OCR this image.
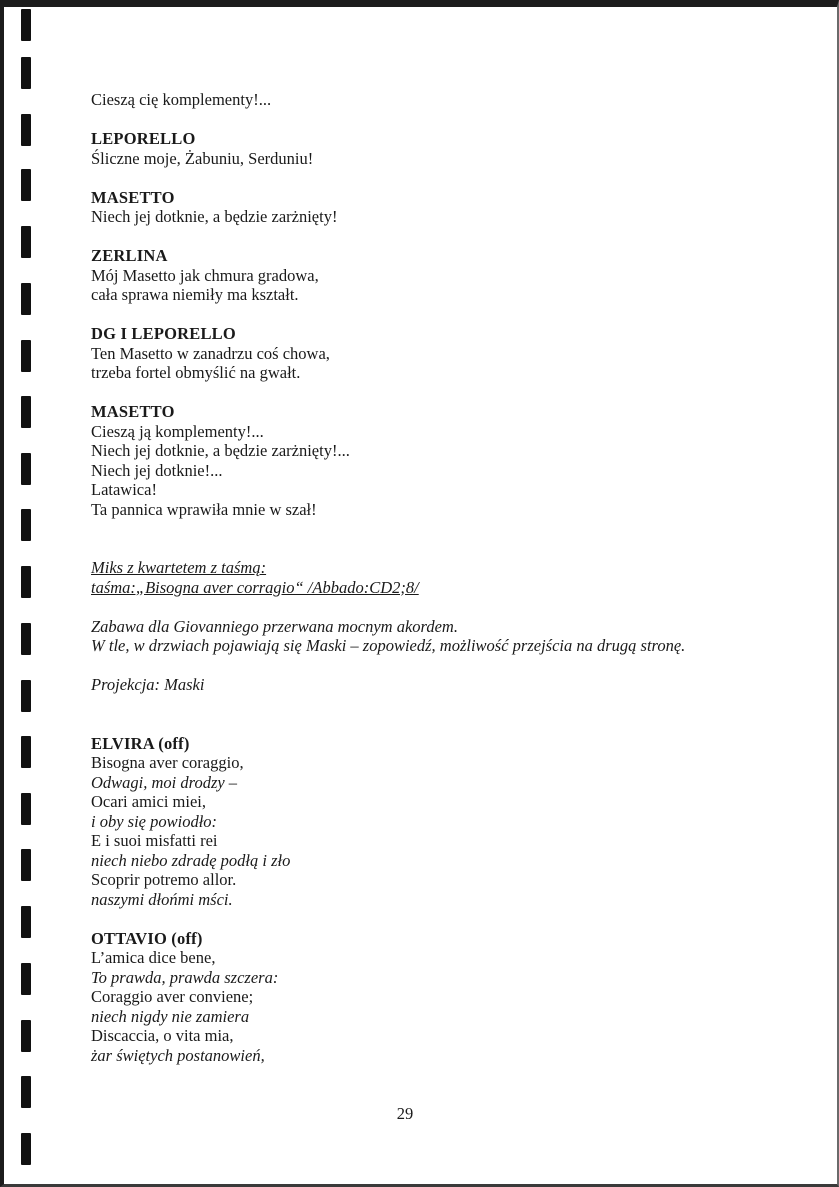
Cieszą cię komplementy!...
LEPORELLO
Śliczne moje, Żabuniu, Serduniu!
MASETTO
Niech jej dotknie, a będzie zarżnięty!
ZERLINA
Mój Masetto jak chmura gradowa,
cała sprawa niemiły ma kształt.
DG I LEPORELLO
Ten Masetto w zanadrzu coś chowa,
trzeba fortel obmyślić na gwałt.
MASETTO
Cieszą ją komplementy!...
Niech jej dotknie, a będzie zarżnięty!...
Niech jej dotknie!...
Latawica!
Ta pannica wprawiła mnie w szał!
Miks z kwartetem z taśmą:
taśma:„Bisogna aver corragio“ /Abbado:CD2;8/
Zabawa dla Giovanniego przerwana mocnym akordem.
W tle, w drzwiach pojawiają się Maski – zopowiedź, możliwość przejścia na drugą stronę.
Projekcja: Maski
ELVIRA (off)
Bisogna aver coraggio,
Odwagi, moi drodzy –
Ocari amici miei,
i oby się powiodło:
E i suoi misfatti rei
niech niebo zdradę podłą i zło
Scoprir potremo allor.
naszymi dłońmi mści.
OTTAVIO (off)
L’amica dice bene,
To prawda, prawda szczera:
Coraggio aver conviene;
niech nigdy nie zamiera
Discaccia, o vita mia,
żar świętych postanowień,
29
